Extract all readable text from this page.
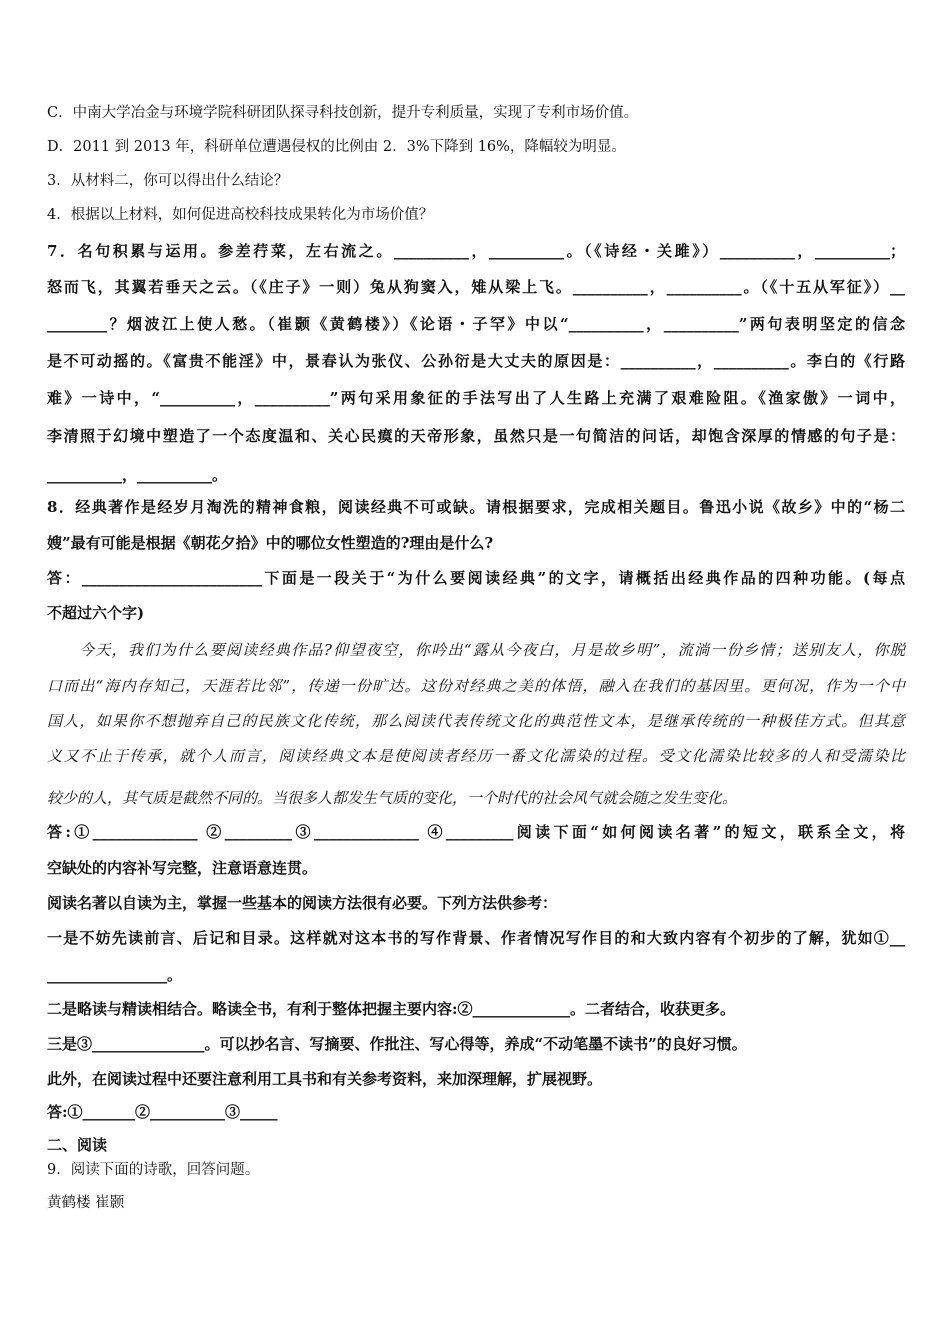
C．中南大学冶金与环境学院科研团队探寻科技创新，提升专利质量，实现了专利市场价值。
D．2011 到 2013 年，科研单位遭遇侵权的比例由 2．3%下降到 16%，降幅较为明显。
3．从材料二，你可以得出什么结论？
4．根据以上材料，如何促进高校科技成果转化为市场价值？
7．名句积累与运用。参差荇菜，左右流之。__________，__________。（《诗经・关雎》）__________，__________；
怒而飞，其翼若垂天之云。（《庄子》一则）兔从狗窦入，雉从梁上飞。__________，__________。（《十五从军征》）__
________？烟波江上使人愁。（崔颢《黄鹤楼》）《论语・子罕》中以“__________，__________”两句表明坚定的信念
是不可动摇的。《富贵不能淫》中，景春认为张仪、公孙衍是大丈夫的原因是：__________，__________。李白的《行路
难》一诗中，“__________，__________”两句采用象征的手法写出了人生路上充满了艰难险阻。《渔家傲》一词中，
李清照于幻境中塑造了一个态度温和、关心民瘼的天帝形象，虽然只是一句简洁的问话，却饱含深厚的情感的句子是：
__________，__________。
8．经典著作是经岁月淘洗的精神食粮，阅读经典不可或缺。请根据要求，完成相关题目。鲁迅小说《故乡》中的“杨二
嫂”最有可能是根据《朝花夕拾》中的哪位女性塑造的?理由是什么?
答：________________________下面是一段关于“为什么要阅读经典”的文字，请概括出经典作品的四种功能。(每点
不超过六个字)
今天，我们为什么要阅读经典作品?仰望夜空，你吟出“露从今夜白，月是故乡明”，流淌一份乡情；送别友人，你脱
口而出“海内存知己，天涯若比邻”，传递一份旷达。这份对经典之美的体悟，融入在我们的基因里。更何况，作为一个中
国人，如果你不想抛弃自己的民族文化传统，那么阅读代表传统文化的典范性文本，是继承传统的一种极佳方式。但其意
义又不止于传承，就个人而言，阅读经典文本是使阅读者经历一番文化濡染的过程。受文化濡染比较多的人和受濡染比
较少的人，其气质是截然不同的。当很多人都发生气质的变化，一个时代的社会风气就会随之发生变化。
答:①______________ ②_________③______________ ④_________阅读下面“如何阅读名著”的短文，联系全文，将
空缺处的内容补写完整，注意语意连贯。
阅读名著以自读为主，掌握一些基本的阅读方法很有必要。下列方法供参考：
一是不妨先读前言、后记和目录。这样就对这本书的写作背景、作者情况写作目的和大致内容有个初步的了解，犹如①__
________________。
二是略读与精读相结合。略读全书，有利于整体把握主要内容:②_____________。二者结合，收获更多。
三是③_______________。可以抄名言、写摘要、作批注、写心得等，养成“不动笔墨不读书”的良好习惯。
此外，在阅读过程中还要注意利用工具书和有关参考资料，来加深理解，扩展视野。
答:①_______②__________③_____
二、阅读
9．阅读下面的诗歌，回答问题。
黄鹤楼 崔颢
